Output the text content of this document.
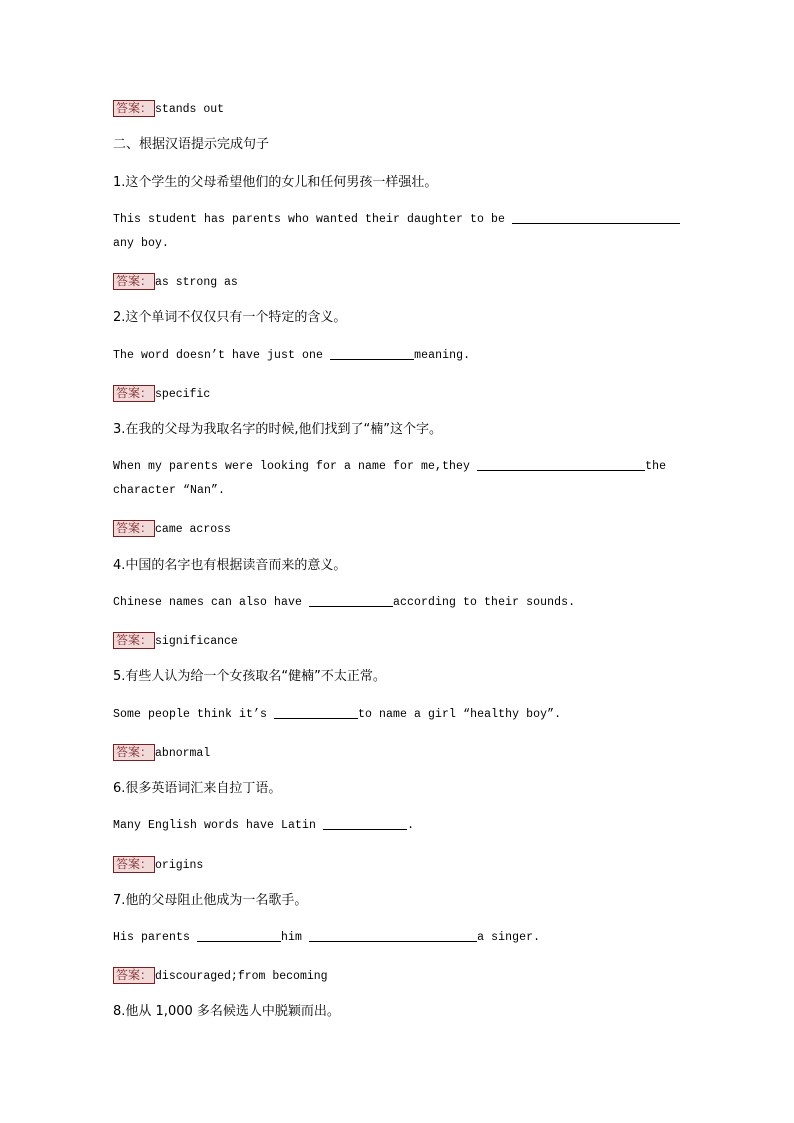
答案： stands out
二、根据汉语提示完成句子
1.这个学生的父母希望他们的女儿和任何男孩一样强壮。
This student has parents who wanted their daughter to be
any boy.
答案： as strong as
2.这个单词不仅仅只有一个特定的含义。
The word doesn’t have just one	meaning.
答案： specific
3.在我的父母为我取名字的时候,他们找到了“楠”这个字。
When my parents were looking for a name for me,they	the
character “Nan”.
答案： came across
4.中国的名字也有根据读音而来的意义。
Chinese names can also have	according to their sounds.
答案： significance
5.有些人认为给一个女孩取名“健楠”不太正常。
Some people think it’s	to name a girl “healthy boy”.
答案： abnormal
6.很多英语词汇来自拉丁语。
Many English words have Latin	.
答案： origins
7.他的父母阻止他成为一名歌手。
His parents	him	a singer.
答案： discouraged;from becoming
8.他从 1,000 多名候选人中脱颖而出。
